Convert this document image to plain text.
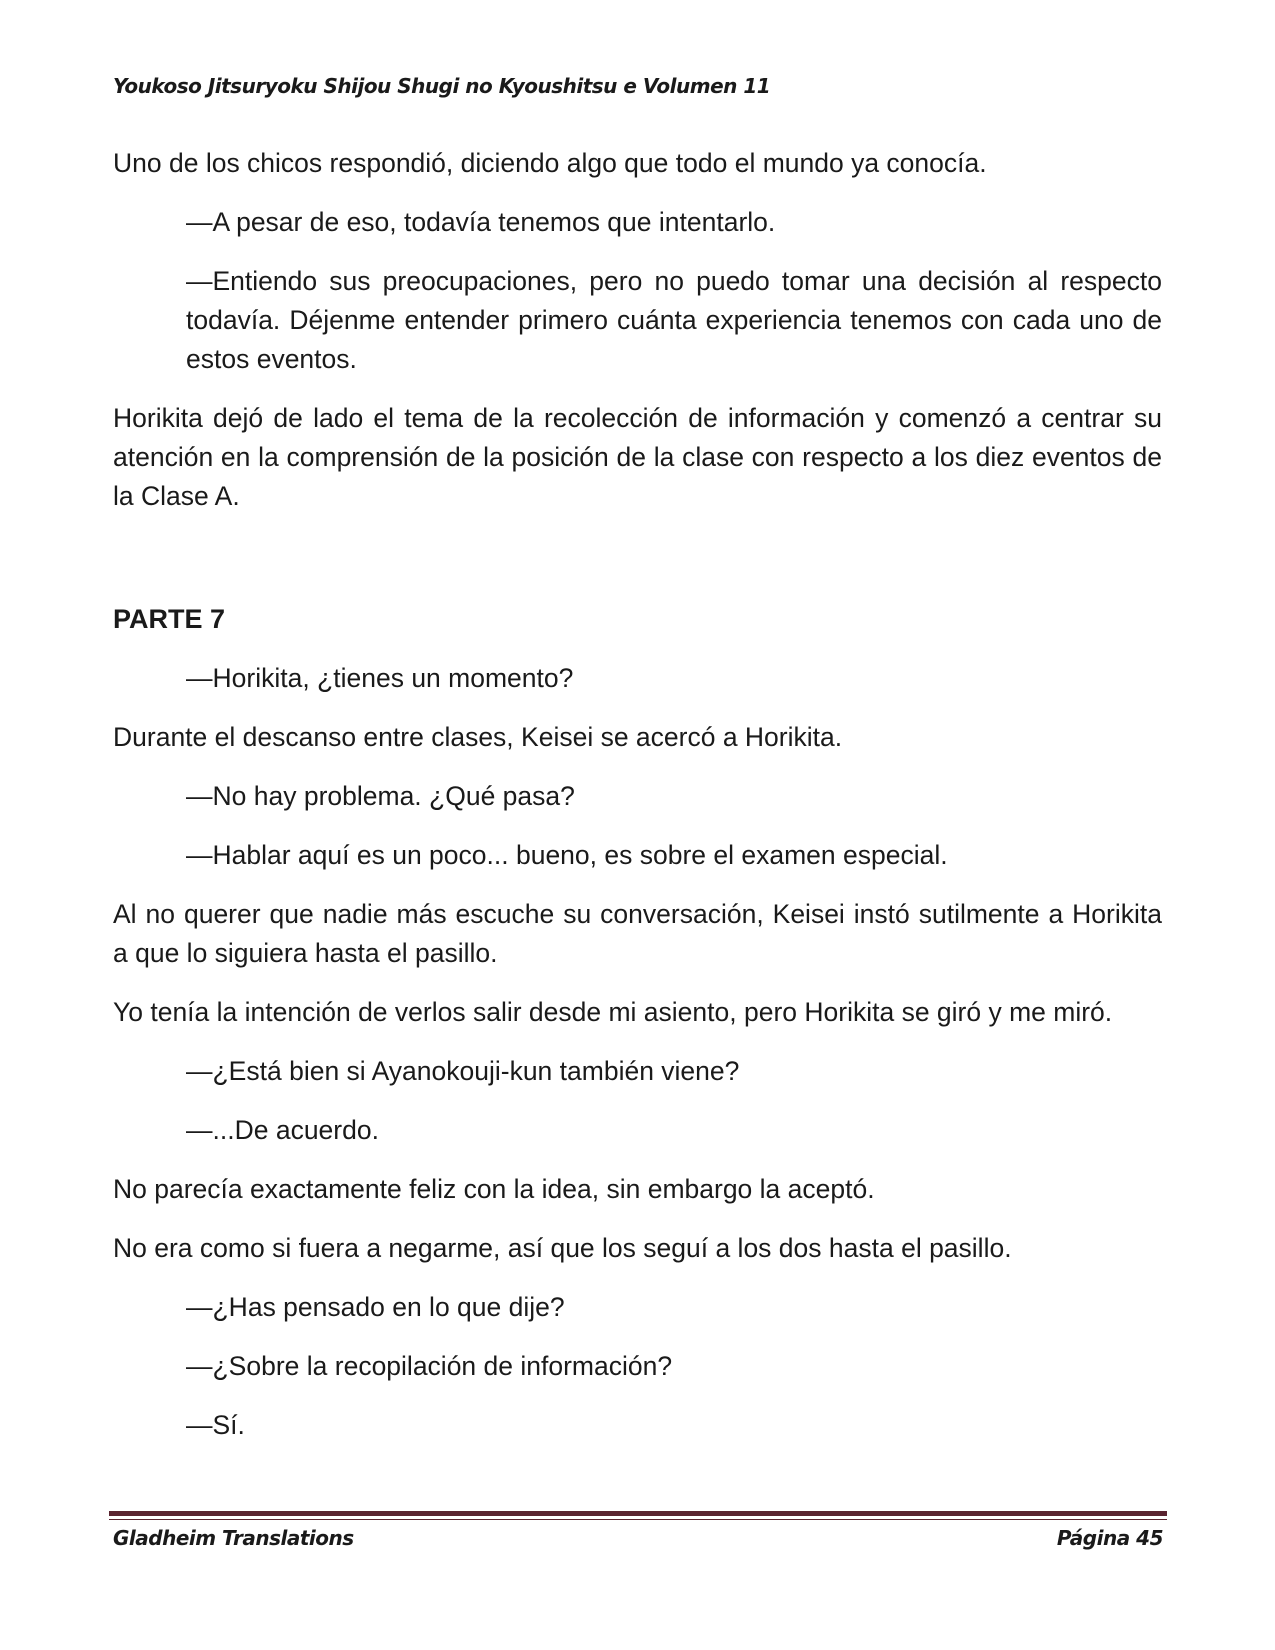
Youkoso Jitsuryoku Shijou Shugi no Kyoushitsu e Volumen 11

Uno de los chicos respondió, diciendo algo que todo el mundo ya conocía.

—A pesar de eso, todavía tenemos que intentarlo.

—Entiendo sus preocupaciones, pero no puedo tomar una decisión al respecto todavía. Déjenme entender primero cuánta experiencia tenemos con cada uno de estos eventos.

Horikita dejó de lado el tema de la recolección de información y comenzó a centrar su atención en la comprensión de la posición de la clase con respecto a los diez eventos de la Clase A.

PARTE 7

—Horikita, ¿tienes un momento?

Durante el descanso entre clases, Keisei se acercó a Horikita.

—No hay problema. ¿Qué pasa?

—Hablar aquí es un poco... bueno, es sobre el examen especial.

Al no querer que nadie más escuche su conversación, Keisei instó sutilmente a Horikita a que lo siguiera hasta el pasillo.

Yo tenía la intención de verlos salir desde mi asiento, pero Horikita se giró y me miró.

—¿Está bien si Ayanokouji-kun también viene?

—...De acuerdo.

No parecía exactamente feliz con la idea, sin embargo la aceptó.

No era como si fuera a negarme, así que los seguí a los dos hasta el pasillo.

—¿Has pensado en lo que dije?

—¿Sobre la recopilación de información?

—Sí.

Gladheim Translations	Página 45
